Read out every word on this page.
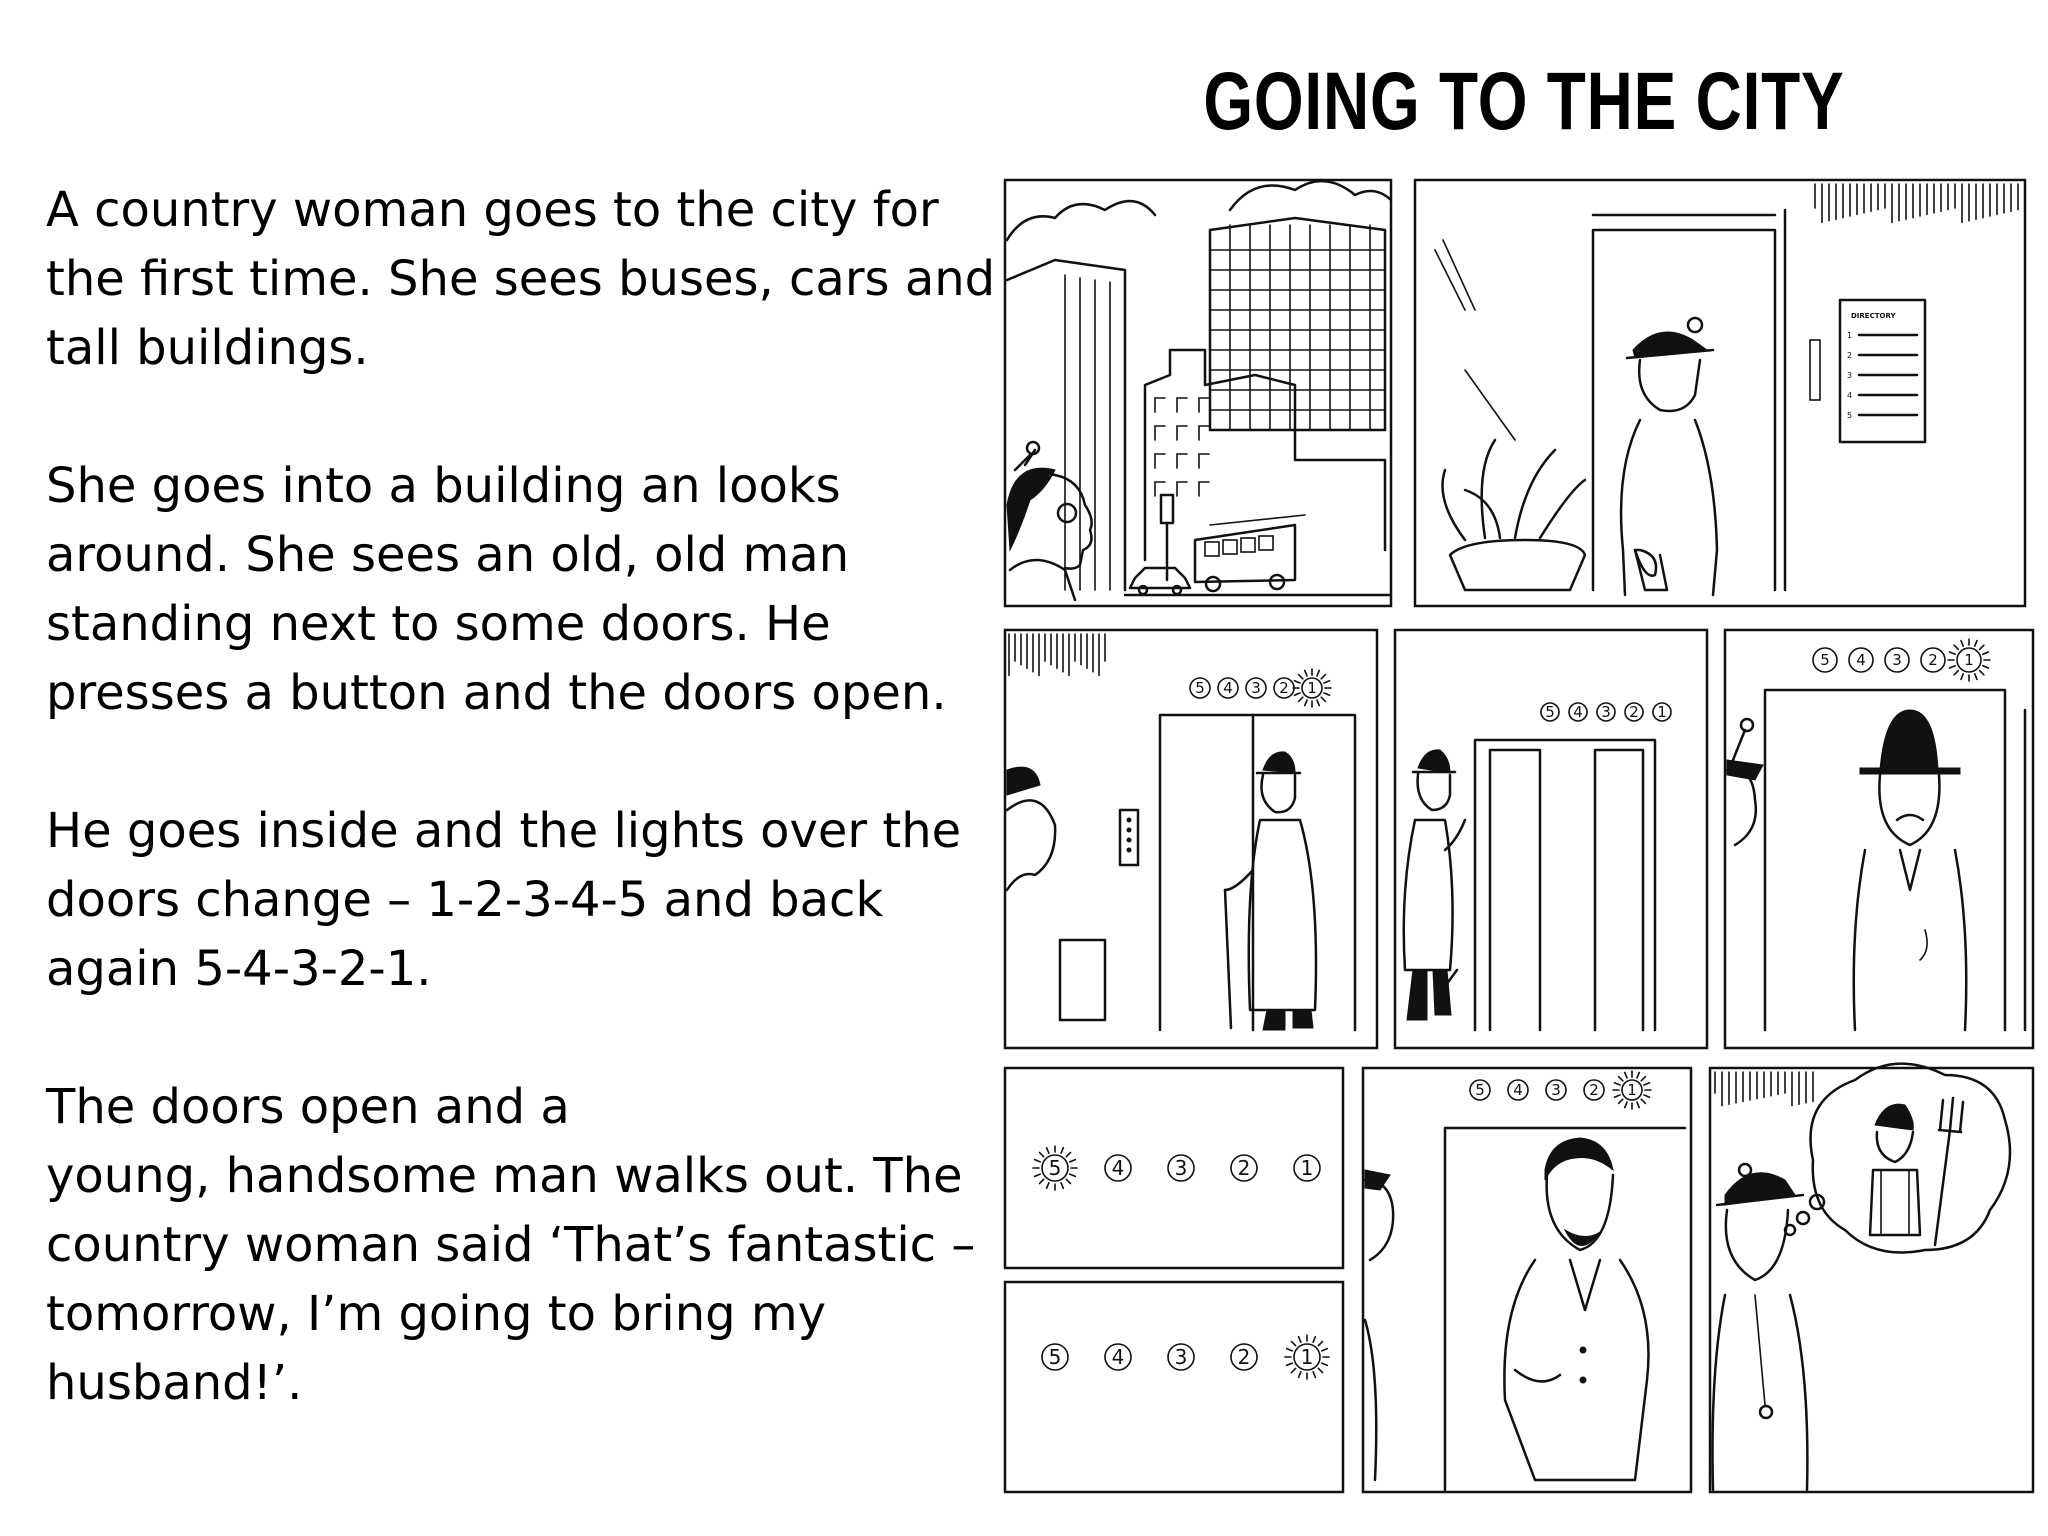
A country woman goes to the city for
the first time. She sees buses, cars and
tall buildings.

She goes into a building an looks
around. She sees an old, old man
standing next to some doors. He
presses a button and the doors open.

He goes inside and the lights over the
doors change – 1-2-3-4-5 and back
again 5-4-3-2-1.

The doors open and a
young, handsome man walks out. The
country woman said ‘That’s fantastic –
tomorrow, I’m going to bring my
husband!’.

GOING TO THE CITY
DIRECTORY
1
2
3
4
5
5 4 3 2 1
5 4 3 2 1
5 4 3 2 1
5	4	3	2	1
5	4	3	2	1
5 4 3 2 1
